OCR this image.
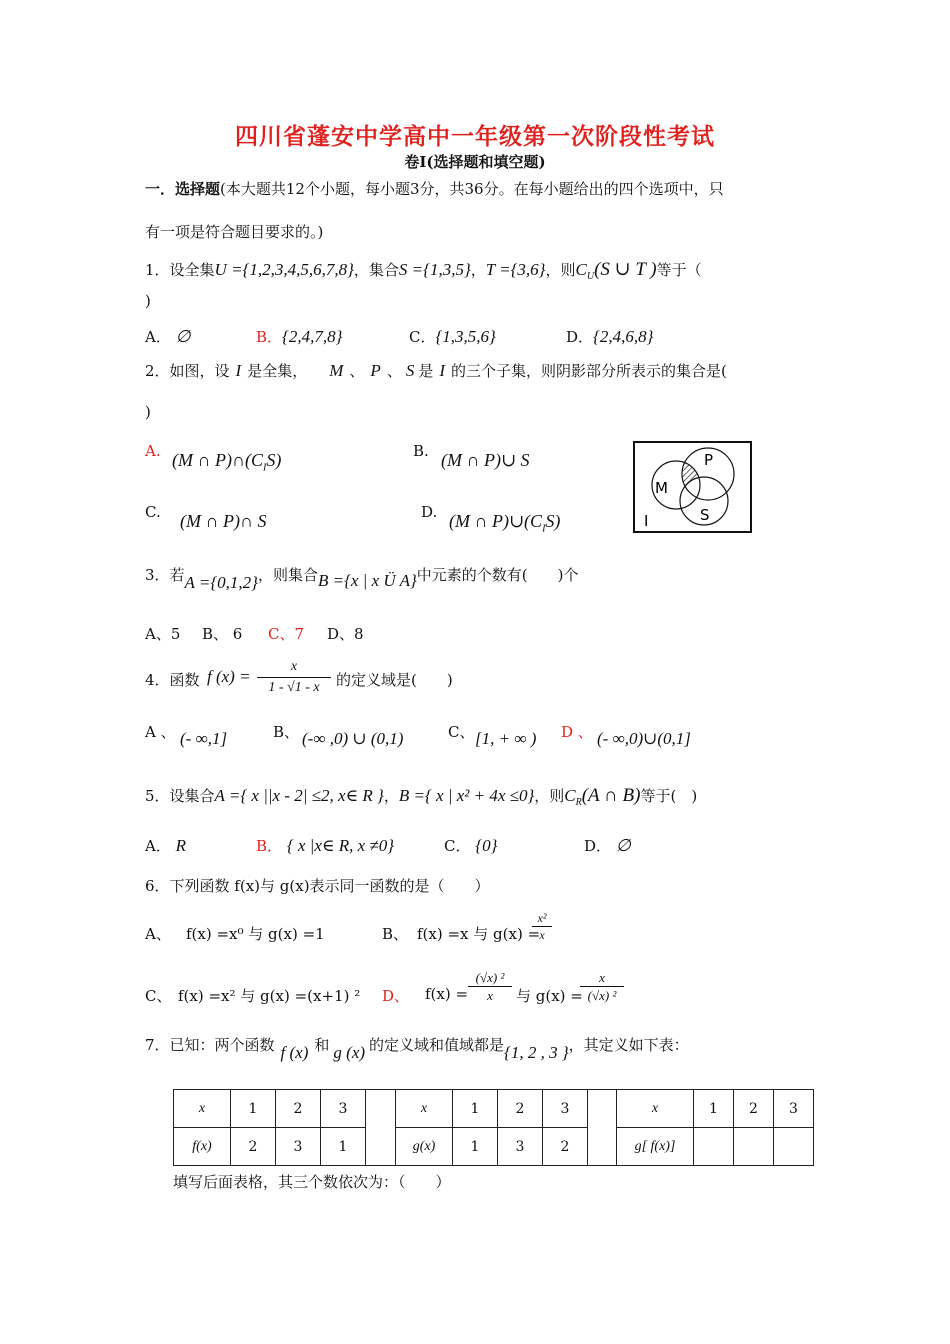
四川省蓬安中学高中一年级第一次阶段性考试
卷Ⅰ(选择题和填空题)
一．选择题(本大题共12个小题，每小题3分，共36分。在每小题给出的四个选项中，只
有一项是符合题目要求的。)
1．设全集U ={1,2,3,4,5,6,7,8}，集合S ={1,3,5}，T ={3,6}，则$C_U(S$ ∪ T )等于（
)
A． ∅	B．{2,4,7,8}	C．{1,3,5,6}	D．{2,4,6,8}
2．如图，设 I 是全集， M 、 P 、 S 是 I 的三个子集，则阴影部分所表示的集合是(
)
A. (M ∩ $P)\cap(C_IS)$	B. (M ∩ P)∪ S
C. (M ∩ P)∩ S	D. (M ∩ $P)\cup(C_IS)$
M
P
S
I
3．若A ={0,1,2}，则集合B ={x | x Ü A}中元素的个数有(　　)个
A、5 B、 6 C、7 D、8
4．函数 f (x) =
x
1 - √1 - x	的定义域是(　　)
A 、 (- ∞,1]	B、 (-∞ ,0) ∪ (0,1)	C、 [1, + ∞ ) D 、 (- ∞,0)∪(0,1]
5．设集合A ={ x ||x - 2| ≤2, x∈ R }，B ={ x | x² + 4x ≤0}，则$C_R(A$ ∩ B)等于(　)
A． R	B． { x |x∈ R, x ≠0}	C． {0}	D． ∅
6．下列函数 f(x)与 g(x)表示同一函数的是（　　）
A、 f(x) =x⁰ 与 g(x) =1	B、 f(x) =x 与 g(x) =
x²
x
C、 f(x) =x² 与 g(x) =(x+1) ² D、 f(x) =
(√x) ²
x	与 g(x) =
x
(√x) ²
7．已知：两个函数 f (x) 和 g (x) 的定义域和值域都是{1, 2 , 3 }，其定义如下表：
x	1	2	3		x	1	2	3		x	1	2	3
f(x)	2	3	1		g(x)	1	3	2		g[ f(x)]			
填写后面表格，其三个数依次为：（　　）
